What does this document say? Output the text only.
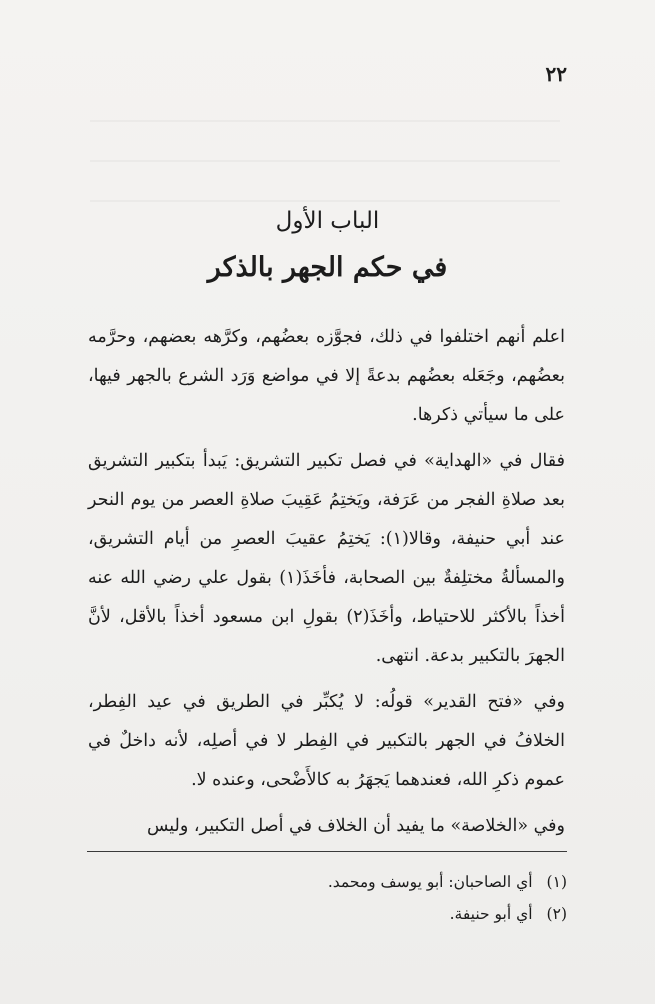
٢٢
الباب الأول
في حكم الجهر بالذكر

اعلم أنهم اختلفوا في ذلك، فجوَّزه بعضُهم، وكرَّهه بعضهم، وحرَّمه بعضُهم، وجَعَله بعضُهم بدعةً إلا في مواضع وَرَد الشرع بالجهر فيها، على ما سيأتي ذكرها.

فقال في «الهداية» في فصل تكبير التشريق: يَبدأ بتكبير التشريق بعد صلاةِ الفجر من عَرَفة، ويَختِمُ عَقِيبَ صلاةِ العصر من يوم النحر عند أبي حنيفة، وقالا(١): يَختِمُ عقيبَ العصرِ من أيام التشريق، والمسألةُ مختلِفةٌ بين الصحابة، فأخَذَ(١) بقول علي رضي الله عنه أخذاً بالأكثر للاحتياط، وأخَذَ(٢) بقولِ ابن مسعود أخذاً بالأقل، لأنَّ الجهرَ بالتكبير بدعة. انتهى.

وفي «فتح القدير» قولُه: لا يُكبِّر في الطريق في عيد الفِطر، الخلافُ في الجهر بالتكبير في الفِطر لا في أصلِه، لأنه داخلٌ في عموم ذكرِ الله، فعندهما يَجهَرُ به كالأَضْحى، وعنده لا.

وفي «الخلاصة» ما يفيد أن الخلاف في أصل التكبير، وليس

(١)أي الصاحبان: أبو يوسف ومحمد.

(٢)أي أبو حنيفة.
